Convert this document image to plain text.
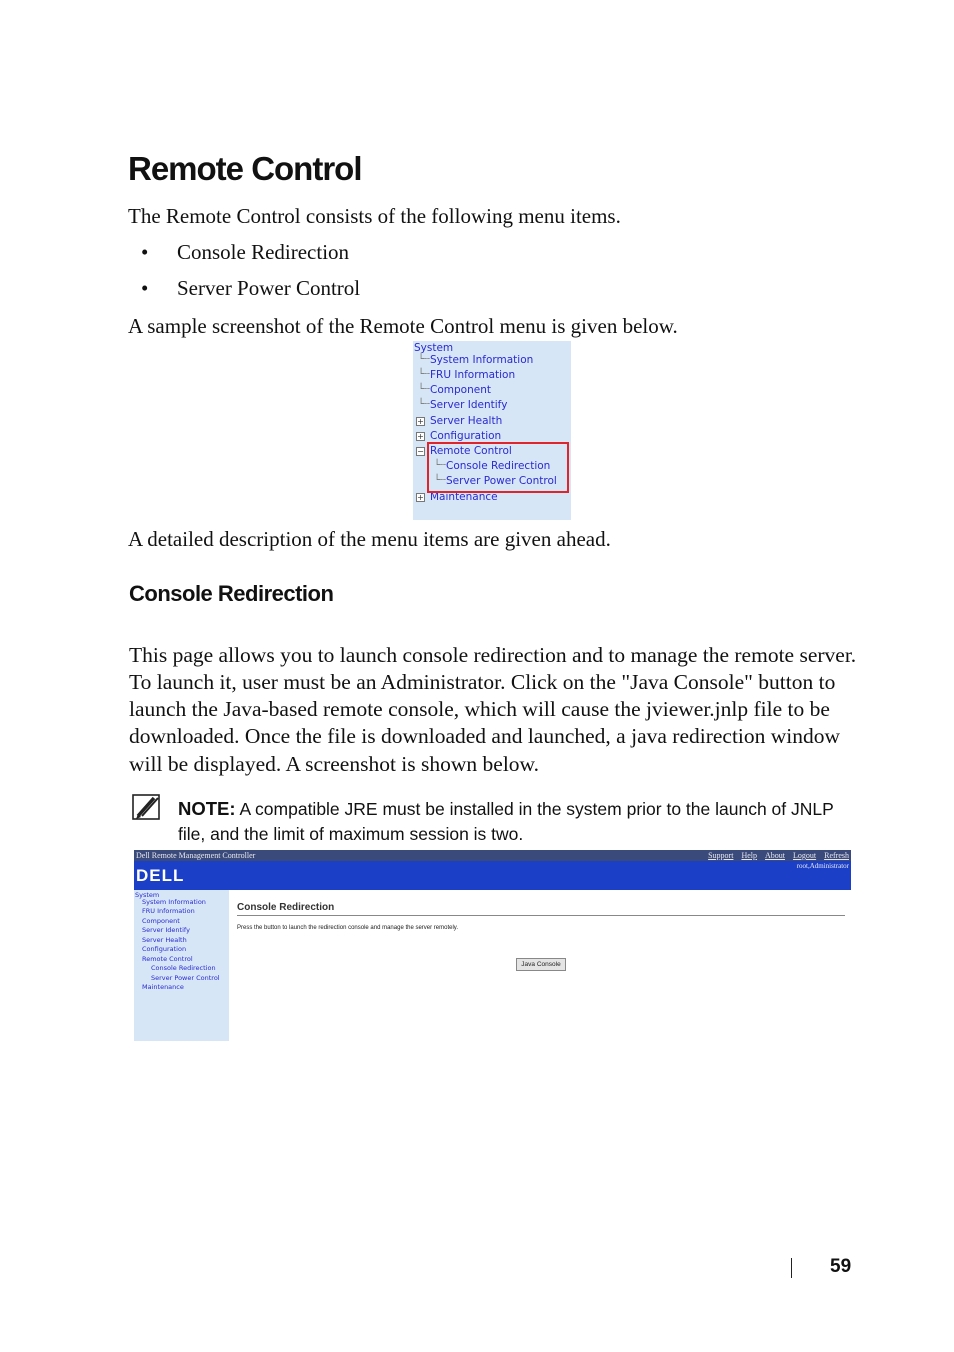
Remote Control

The Remote Control consists of the following menu items.

• Console Redirection
• Server Power Control

A sample screenshot of the Remote Control menu is given below.

System
└┄ System Information
└┄ FRU Information
└┄ Component
└┄ Server Identify
+ Server Health
+ Configuration
− Remote Control
└┄ Console Redirection
└┄ Server Power Control
+ Maintenance

A detailed description of the menu items are given ahead.

Console Redirection

This page allows you to launch console redirection and to manage the remote server. To launch it, user must be an Administrator. Click on the "Java Console" button to launch the Java-based remote console, which will cause the jviewer.jnlp file to be downloaded. Once the file is downloaded and launched, a java redirection window will be displayed. A screenshot is shown below.

NOTE: A compatible JRE must be installed in the system prior to the launch of JNLP file, and the limit of maximum session is two.
Dell Remote Management Controller	Support Help About Logout Refresh
root,Administrator
DELL
System
System Information
FRU Information
Component
Server Identify
Server Health
Configuration
Remote Control
Console Redirection
Server Power Control
Maintenance
Console Redirection
Press the button to launch the redirection console and manage the server remotely.
Java Console
59
